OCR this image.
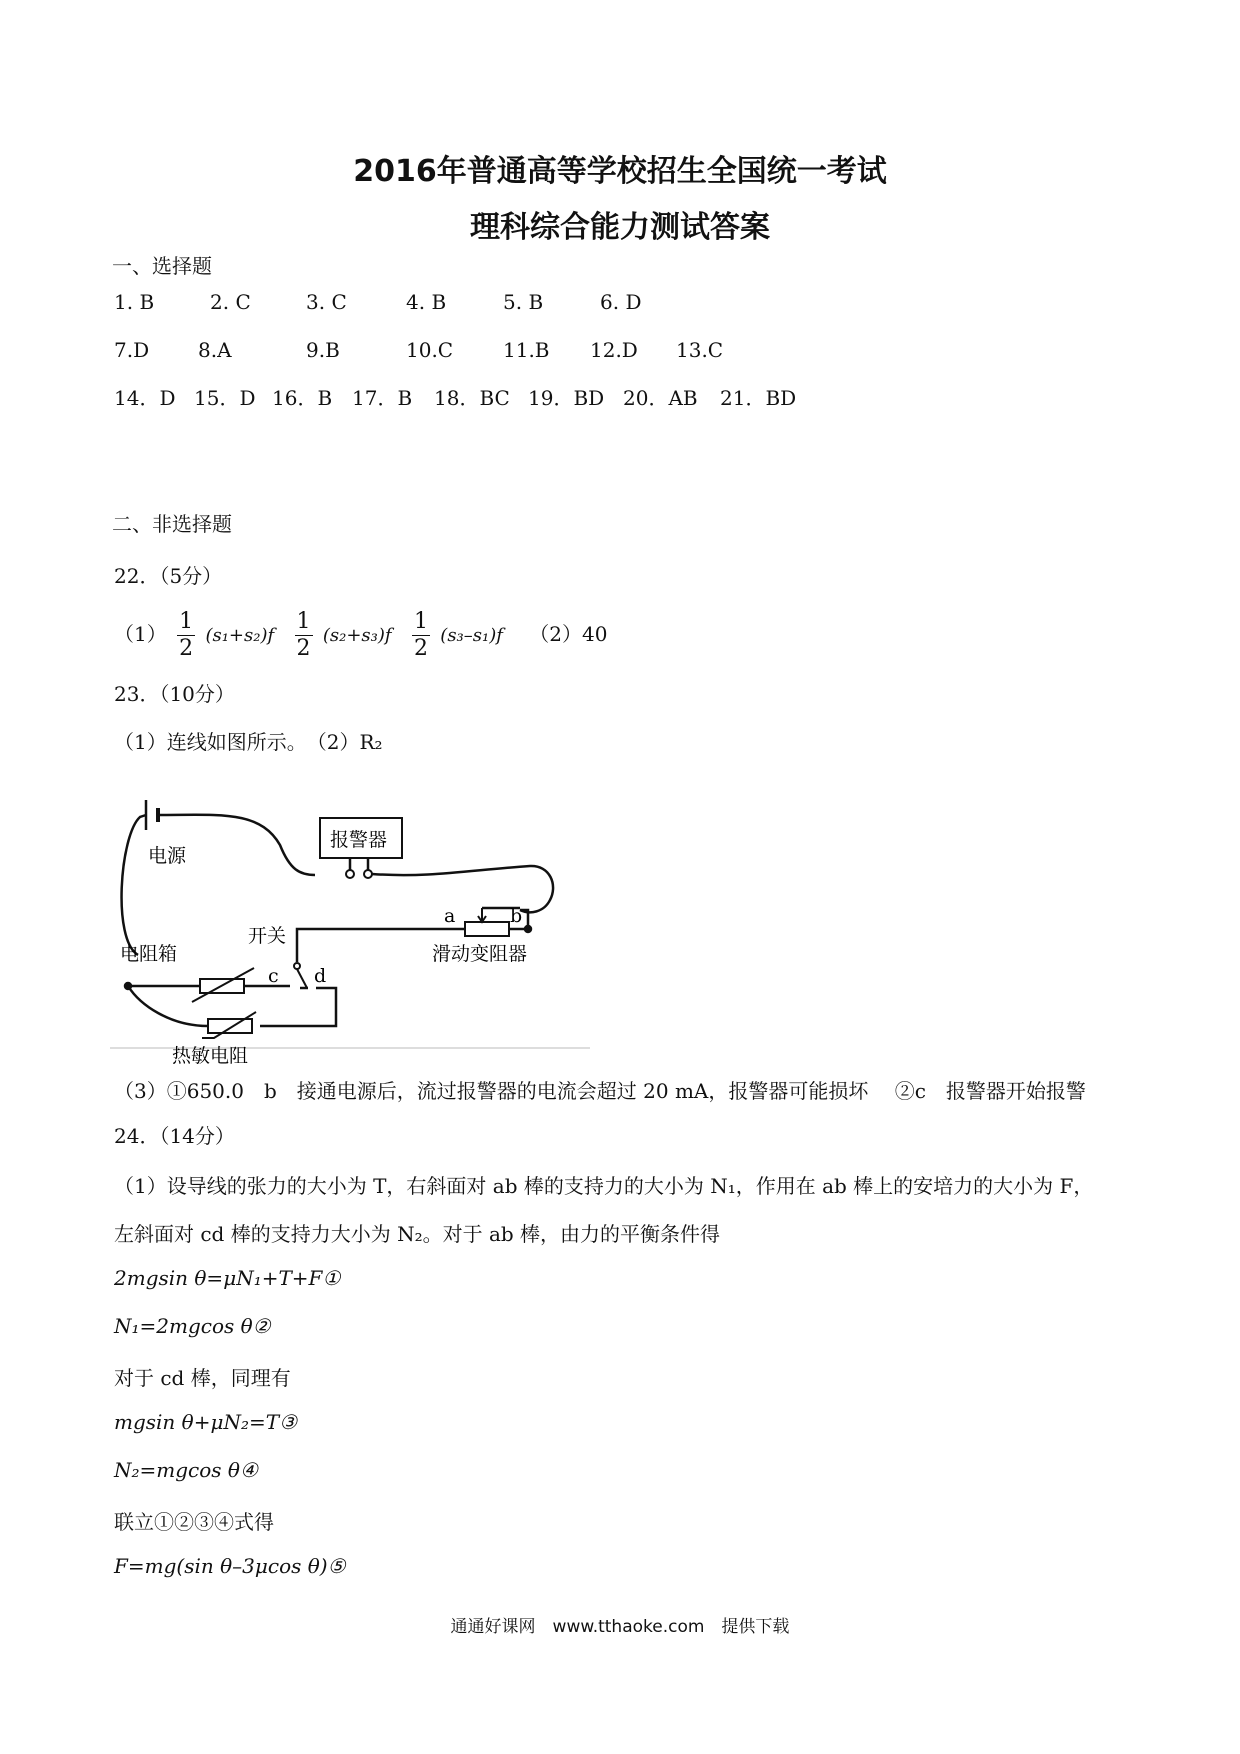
2016年普通高等学校招生全国统一考试
理科综合能力测试答案
一、选择题
1. B	2. C	3. C	4. B	5. B	6. D
7.D 8.A	9.B	10.C 11.B 12.D 13.C
14．D 15．D 16．B 17．B 18．BC 19．BD 20．AB 21．BD
二、非选择题
22．（5分）
$(1) \frac{1}{2} (s_1+s_2)f \frac{1}{2} (s_2+s_3)f \frac{1}{2} (s_3-s_1)f$ （2）40
23．（10分）
（1）连线如图所示。　（2）R₂
电源
报警器
电阻箱
开关
滑动变阻器
热敏电阻
a	b
c d
（3）①650.0　b　接通电源后，流过报警器的电流会超过 20 mA，报警器可能损坏　 ②c　报警器开始报警
24．（14分）
（1）设导线的张力的大小为 T，右斜面对 ab 棒的支持力的大小为 N₁，作用在 ab 棒上的安培力的大小为 F，
左斜面对 cd 棒的支持力大小为 N₂。对于 ab 棒，由力的平衡条件得
2mgsin θ=μN₁+T+F①
N₁=2mgcos θ②
对于 cd 棒，同理有
mgsin θ+μN₂=T③
N₂=mgcos θ④
联立①②③④式得
F=mg(sin θ–3μcos θ)⑤
通通好课网　www.tthaoke.com　提供下载
